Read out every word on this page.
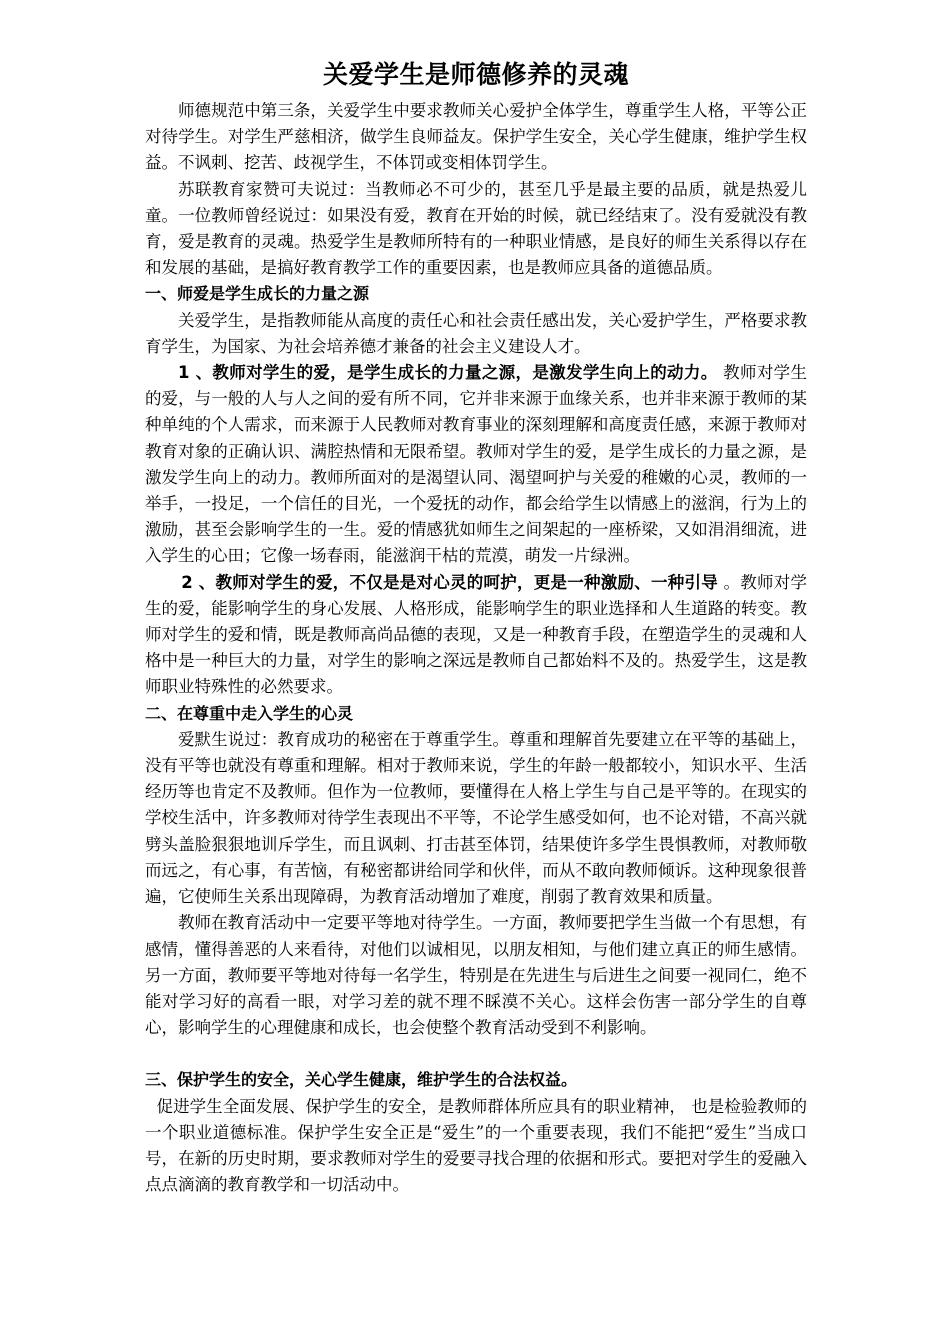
关爱学生是师德修养的灵魂

师德规范中第三条，关爱学生中要求教师关心爱护全体学生，尊重学生人格，平等公正对待学生。对学生严慈相济，做学生良师益友。保护学生安全，关心学生健康，维护学生权益。不讽刺、挖苦、歧视学生，不体罚或变相体罚学生。

苏联教育家赞可夫说过：当教师必不可少的，甚至几乎是最主要的品质，就是热爱儿童。一位教师曾经说过：如果没有爱，教育在开始的时候，就已经结束了。没有爱就没有教育，爱是教育的灵魂。热爱学生是教师所特有的一种职业情感，是良好的师生关系得以存在和发展的基础，是搞好教育教学工作的重要因素，也是教师应具备的道德品质。

一、师爱是学生成长的力量之源

关爱学生，是指教师能从高度的责任心和社会责任感出发，关心爱护学生，严格要求教育学生，为国家、为社会培养德才兼备的社会主义建设人才。

1 、教师对学生的爱，是学生成长的力量之源，是激发学生向上的动力。 教师对学生的爱，与一般的人与人之间的爱有所不同，它并非来源于血缘关系，也并非来源于教师的某种单纯的个人需求，而来源于人民教师对教育事业的深刻理解和高度责任感，来源于教师对教育对象的正确认识、满腔热情和无限希望。教师对学生的爱，是学生成长的力量之源，是激发学生向上的动力。教师所面对的是渴望认同、渴望呵护与关爱的稚嫩的心灵，教师的一举手，一投足，一个信任的目光，一个爱抚的动作，都会给学生以情感上的滋润，行为上的激励，甚至会影响学生的一生。爱的情感犹如师生之间架起的一座桥梁，又如涓涓细流，进入学生的心田；它像一场春雨，能滋润干枯的荒漠，萌发一片绿洲。

2 、教师对学生的爱，不仅是是对心灵的呵护，更是一种激励、一种引导 。教师对学生的爱，能影响学生的身心发展、人格形成，能影响学生的职业选择和人生道路的转变。教师对学生的爱和情，既是教师高尚品德的表现，又是一种教育手段，在塑造学生的灵魂和人格中是一种巨大的力量，对学生的影响之深远是教师自己都始料不及的。热爱学生，这是教师职业特殊性的必然要求。

二、在尊重中走入学生的心灵

爱默生说过：教育成功的秘密在于尊重学生。尊重和理解首先要建立在平等的基础上，没有平等也就没有尊重和理解。相对于教师来说，学生的年龄一般都较小，知识水平、生活经历等也肯定不及教师。但作为一位教师，要懂得在人格上学生与自己是平等的。在现实的学校生活中，许多教师对待学生表现出不平等，不论学生感受如何，也不论对错，不高兴就劈头盖脸狠狠地训斥学生，而且讽刺、打击甚至体罚，结果使许多学生畏惧教师，对教师敬而远之，有心事，有苦恼，有秘密都讲给同学和伙伴，而从不敢向教师倾诉。这种现象很普遍，它使师生关系出现障碍，为教育活动增加了难度，削弱了教育效果和质量。

教师在教育活动中一定要平等地对待学生。一方面，教师要把学生当做一个有思想，有感情，懂得善恶的人来看待，对他们以诚相见，以朋友相知，与他们建立真正的师生感情。另一方面，教师要平等地对待每一名学生，特别是在先进生与后进生之间要一视同仁，绝不能对学习好的高看一眼，对学习差的就不理不睬漠不关心。这样会伤害一部分学生的自尊心，影响学生的心理健康和成长，也会使整个教育活动受到不利影响。

三、保护学生的安全，关心学生健康，维护学生的合法权益。

促进学生全面发展、保护学生的安全，是教师群体所应具有的职业精神， 也是检验教师的一个职业道德标准。保护学生安全正是“爱生”的一个重要表现，我们不能把“爱生”当成口号，在新的历史时期，要求教师对学生的爱要寻找合理的依据和形式。要把对学生的爱融入点点滴滴的教育教学和一切活动中。
